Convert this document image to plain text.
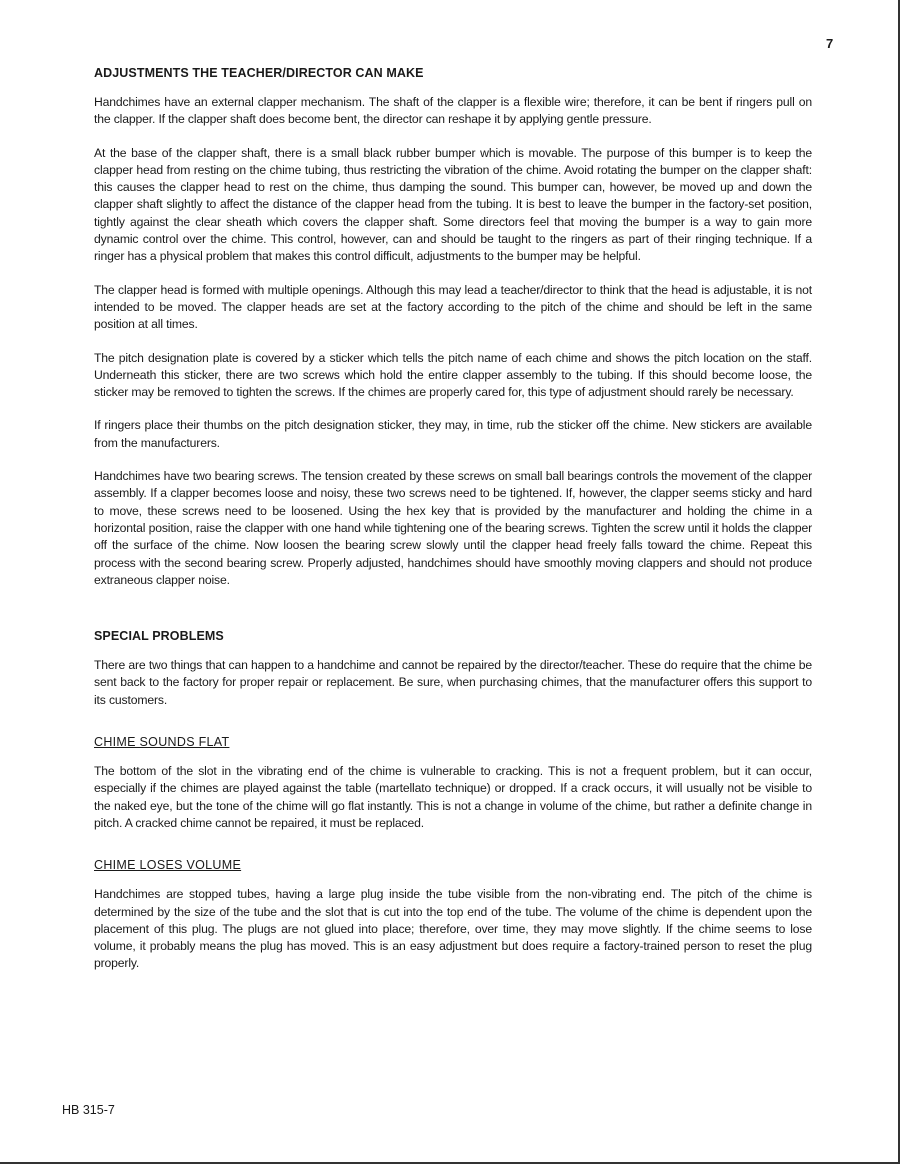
7
ADJUSTMENTS THE TEACHER/DIRECTOR CAN MAKE

Handchimes have an external clapper mechanism. The shaft of the clapper is a flexible wire; therefore, it can be bent if ringers pull on the clapper. If the clapper shaft does become bent, the director can reshape it by applying gentle pressure.

At the base of the clapper shaft, there is a small black rubber bumper which is movable. The purpose of this bumper is to keep the clapper head from resting on the chime tubing, thus restricting the vibration of the chime. Avoid rotating the bumper on the clapper shaft: this causes the clapper head to rest on the chime, thus damping the sound. This bumper can, however, be moved up and down the clapper shaft slightly to affect the distance of the clapper head from the tubing. It is best to leave the bumper in the factory-set position, tightly against the clear sheath which covers the clapper shaft. Some directors feel that moving the bumper is a way to gain more dynamic control over the chime. This control, however, can and should be taught to the ringers as part of their ringing technique. If a ringer has a physical problem that makes this control difficult, adjustments to the bumper may be helpful.

The clapper head is formed with multiple openings. Although this may lead a teacher/director to think that the head is adjustable, it is not intended to be moved. The clapper heads are set at the factory according to the pitch of the chime and should be left in the same position at all times.

The pitch designation plate is covered by a sticker which tells the pitch name of each chime and shows the pitch location on the staff. Underneath this sticker, there are two screws which hold the entire clapper assembly to the tubing. If this should become loose, the sticker may be removed to tighten the screws. If the chimes are properly cared for, this type of adjustment should rarely be necessary.

If ringers place their thumbs on the pitch designation sticker, they may, in time, rub the sticker off the chime. New stickers are available from the manufacturers.

Handchimes have two bearing screws. The tension created by these screws on small ball bearings controls the movement of the clapper assembly. If a clapper becomes loose and noisy, these two screws need to be tightened. If, however, the clapper seems sticky and hard to move, these screws need to be loosened. Using the hex key that is provided by the manufacturer and holding the chime in a horizontal position, raise the clapper with one hand while tightening one of the bearing screws. Tighten the screw until it holds the clapper off the surface of the chime. Now loosen the bearing screw slowly until the clapper head freely falls toward the chime. Repeat this process with the second bearing screw. Properly adjusted, handchimes should have smoothly moving clappers and should not produce extraneous clapper noise.

SPECIAL PROBLEMS

There are two things that can happen to a handchime and cannot be repaired by the director/teacher. These do require that the chime be sent back to the factory for proper repair or replacement. Be sure, when purchasing chimes, that the manufacturer offers this support to its customers.

CHIME SOUNDS FLAT

The bottom of the slot in the vibrating end of the chime is vulnerable to cracking. This is not a frequent problem, but it can occur, especially if the chimes are played against the table (martellato technique) or dropped. If a crack occurs, it will usually not be visible to the naked eye, but the tone of the chime will go flat instantly. This is not a change in volume of the chime, but rather a definite change in pitch. A cracked chime cannot be repaired, it must be replaced.

CHIME LOSES VOLUME

Handchimes are stopped tubes, having a large plug inside the tube visible from the non-vibrating end. The pitch of the chime is determined by the size of the tube and the slot that is cut into the top end of the tube. The volume of the chime is dependent upon the placement of this plug. The plugs are not glued into place; therefore, over time, they may move slightly. If the chime seems to lose volume, it probably means the plug has moved. This is an easy adjustment but does require a factory-trained person to reset the plug properly.

HB 315-7
